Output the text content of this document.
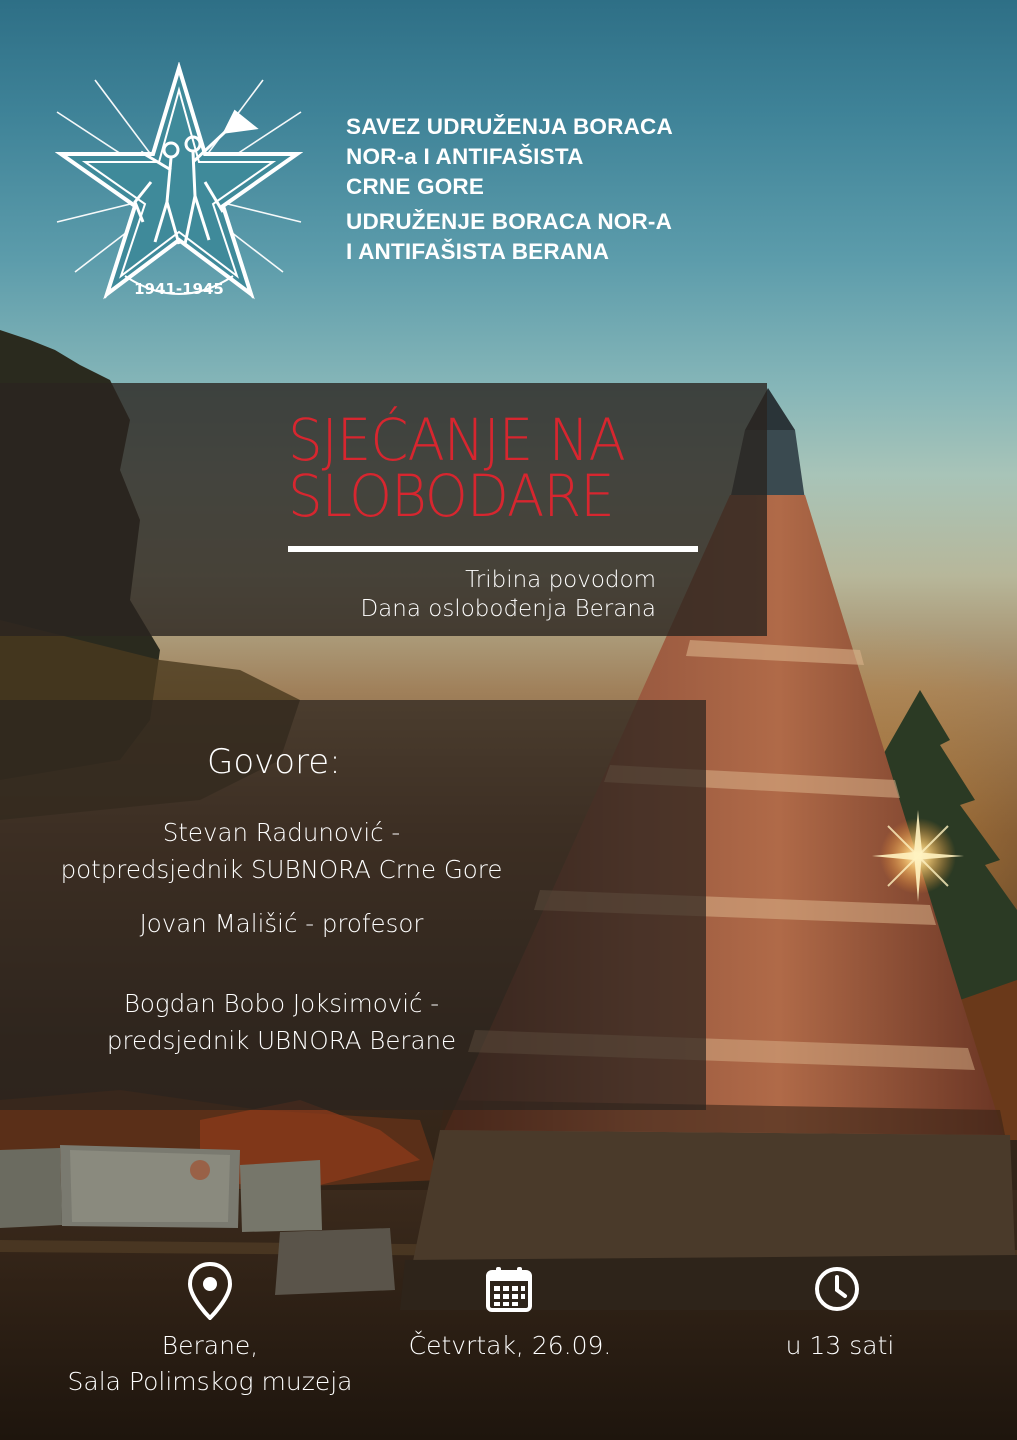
1941-1945
SAVEZ UDRUŽENJA BORACA
NOR-a I ANTIFAŠISTA
CRNE GORE
UDRUŽENJE BORACA NOR-A
I ANTIFAŠISTA BERANA
SJEĆANJE NA
SLOBODARE
Tribina povodom
Dana oslobođenja Berana
Govore:
Stevan Radunović -
potpredsjednik SUBNORA Crne Gore
Jovan Mališić - profesor
Bogdan Bobo Joksimović -
predsjednik UBNORA Berane
Berane,
Sala Polimskog muzeja
Četvrtak, 26.09.	u 13 sati
